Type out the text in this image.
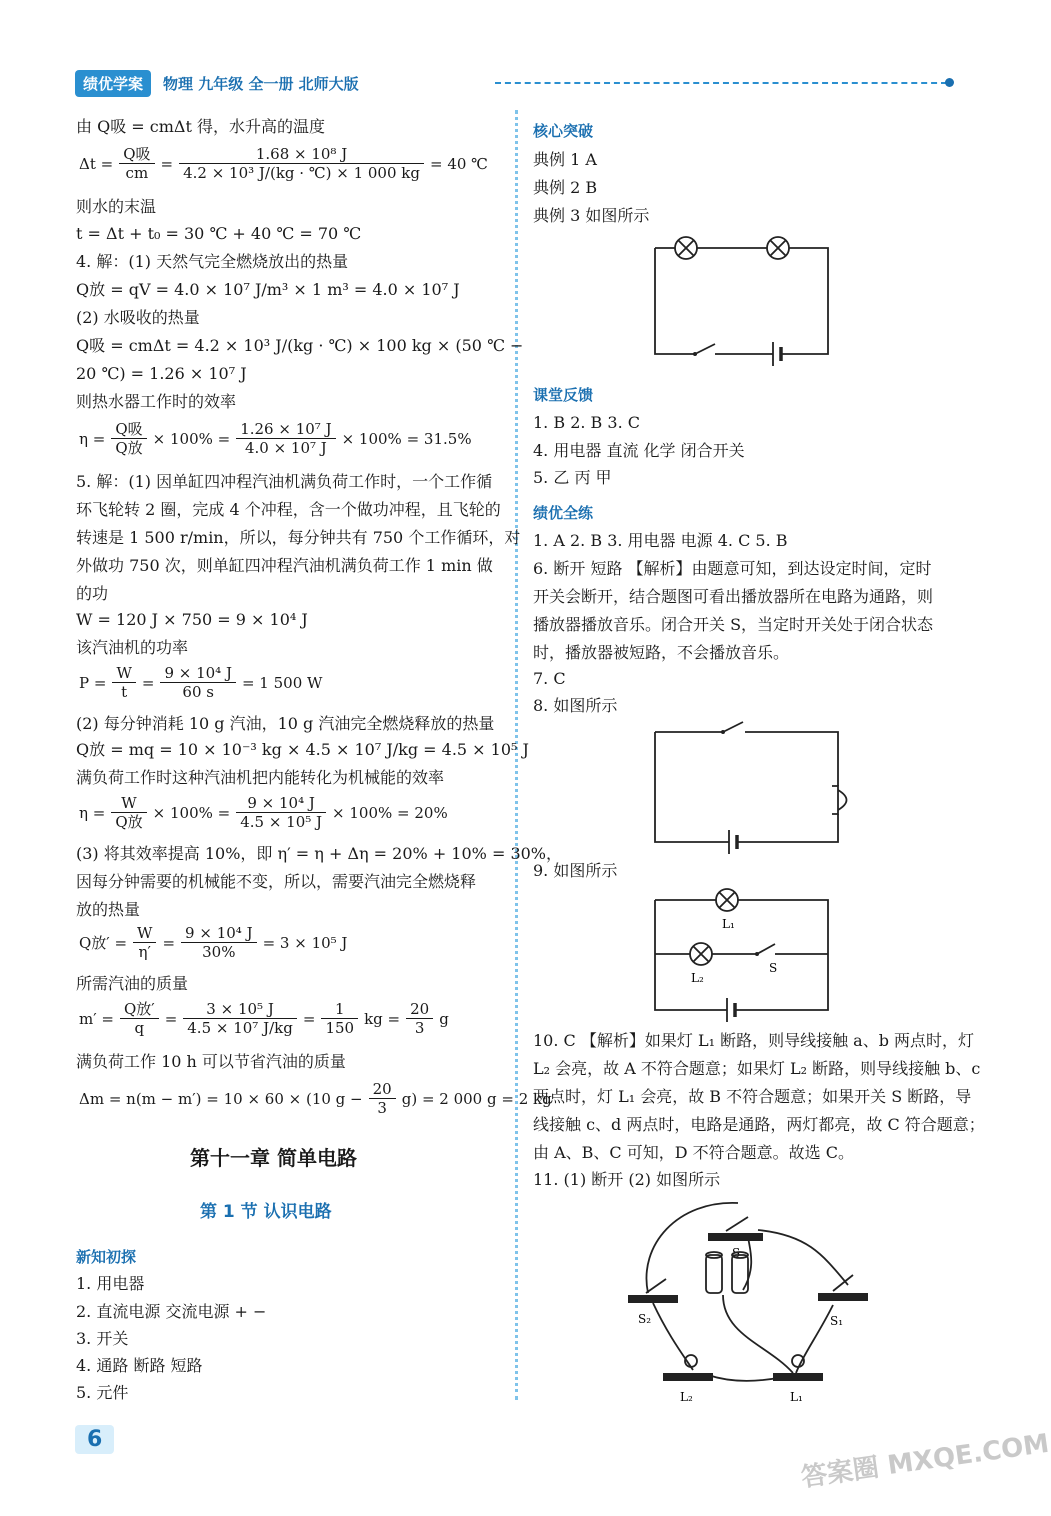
绩优学案	物理 九年级 全一册 北师大版
由 Q吸 = cmΔt 得，水升高的温度
$\Delta t = \frac{\text{Q吸}}{cm} = \frac{\text{1.68 × 10⁸ J}}{\text{4.2 × 10³ J/(kg · ℃) × 1 000 kg}} = 40$ ℃
则水的末温
t = Δt + t₀ = 30 ℃ + 40 ℃ = 70 ℃
4. 解：(1) 天然气完全燃烧放出的热量
Q放 = qV = 4.0 × 10⁷ J/m³ × 1 m³ = 4.0 × 10⁷ J
(2) 水吸收的热量
Q吸 = cmΔt = 4.2 × 10³ J/(kg · ℃) × 100 kg × (50 ℃ −
20 ℃) = 1.26 × 10⁷ J
则热水器工作时的效率
$\eta = \frac{\text{Q吸}}{\text{Q放}} \times 100\% = \frac{\text{1.26 × 10⁷ J}}{\text{4.0 × 10⁷ J}} \times 100\% = 31.5\%$
5. 解：(1) 因单缸四冲程汽油机满负荷工作时，一个工作循
环飞轮转 2 圈，完成 4 个冲程，含一个做功冲程，且飞轮的
转速是 1 500 r/min，所以，每分钟共有 750 个工作循环，对
外做功 750 次，则单缸四冲程汽油机满负荷工作 1 min 做
的功
W = 120 J × 750 = 9 × 10⁴ J
该汽油机的功率
$P = \frac{W}{t} = \frac{\text{9 × 10⁴ J}}{60 s} = 1$ 500 W
(2) 每分钟消耗 10 g 汽油，10 g 汽油完全燃烧释放的热量
Q放 = mq = 10 × 10⁻³ kg × 4.5 × 10⁷ J/kg = 4.5 × 10⁵ J
满负荷工作时这种汽油机把内能转化为机械能的效率
$\eta = \frac{W}{\text{Q放}} \times 100\% = \frac{\text{9 × 10⁴ J}}{\text{4.5 × 10⁵ J}} \times 100\% = 20\%$
(3) 将其效率提高 10%，即 η′ = η + Δη = 20% + 10% = 30%，
因每分钟需要的机械能不变，所以，需要汽油完全燃烧释
放的热量
Q放′ = $\frac{W}{\eta'} = \frac{\text{9 × 10⁴ J}}{30\%} = 3 \times 10^5$ J
所需汽油的质量
$m' = \frac{\text{Q放′}}{q} = \frac{\text{3 × 10⁵ J}}{\text{4.5 × 10⁷ J/kg}} = \frac{1}{150}$ kg = $\frac{20}{3}$ g
满负荷工作 10 h 可以节省汽油的质量
Δm = n(m − m′) = 10 × 60 × (10 $g - \frac{20}{3} g) = 2$ 000 g = 2 kg
第十一章 简单电路
第 1 节 认识电路
新知初探
1. 用电器
2. 直流电源 交流电源 + −
3. 开关
4. 通路 断路 短路
5. 元件
6
核心突破
典例 1 A
典例 2 B
典例 3 如图所示
课堂反馈
1. B 2. B 3. C
4. 用电器 直流 化学 闭合开关
5. 乙 丙 甲
绩优全练
1. A 2. B 3. 用电器 电源 4. C 5. B
6. 断开 短路 【解析】由题意可知，到达设定时间，定时
开关会断开，结合题图可看出播放器所在电路为通路，则
播放器播放音乐。闭合开关 S，当定时开关处于闭合状态
时，播放器被短路，不会播放音乐。
7. C
8. 如图所示
9. 如图所示
L₁
L₂
S
10. C 【解析】如果灯 L₁ 断路，则导线接触 a、b 两点时，灯
L₂ 会亮，故 A 不符合题意；如果灯 L₂ 断路，则导线接触 b、c
两点时，灯 L₁ 会亮，故 B 不符合题意；如果开关 S 断路，导
线接触 c、d 两点时，电路是通路，两灯都亮，故 C 符合题意；
由 A、B、C 可知，D 不符合题意。故选 C。
11. (1) 断开 (2) 如图所示
S
S₂	S₁
L₂	L₁
答案圈 MXQE.COM
